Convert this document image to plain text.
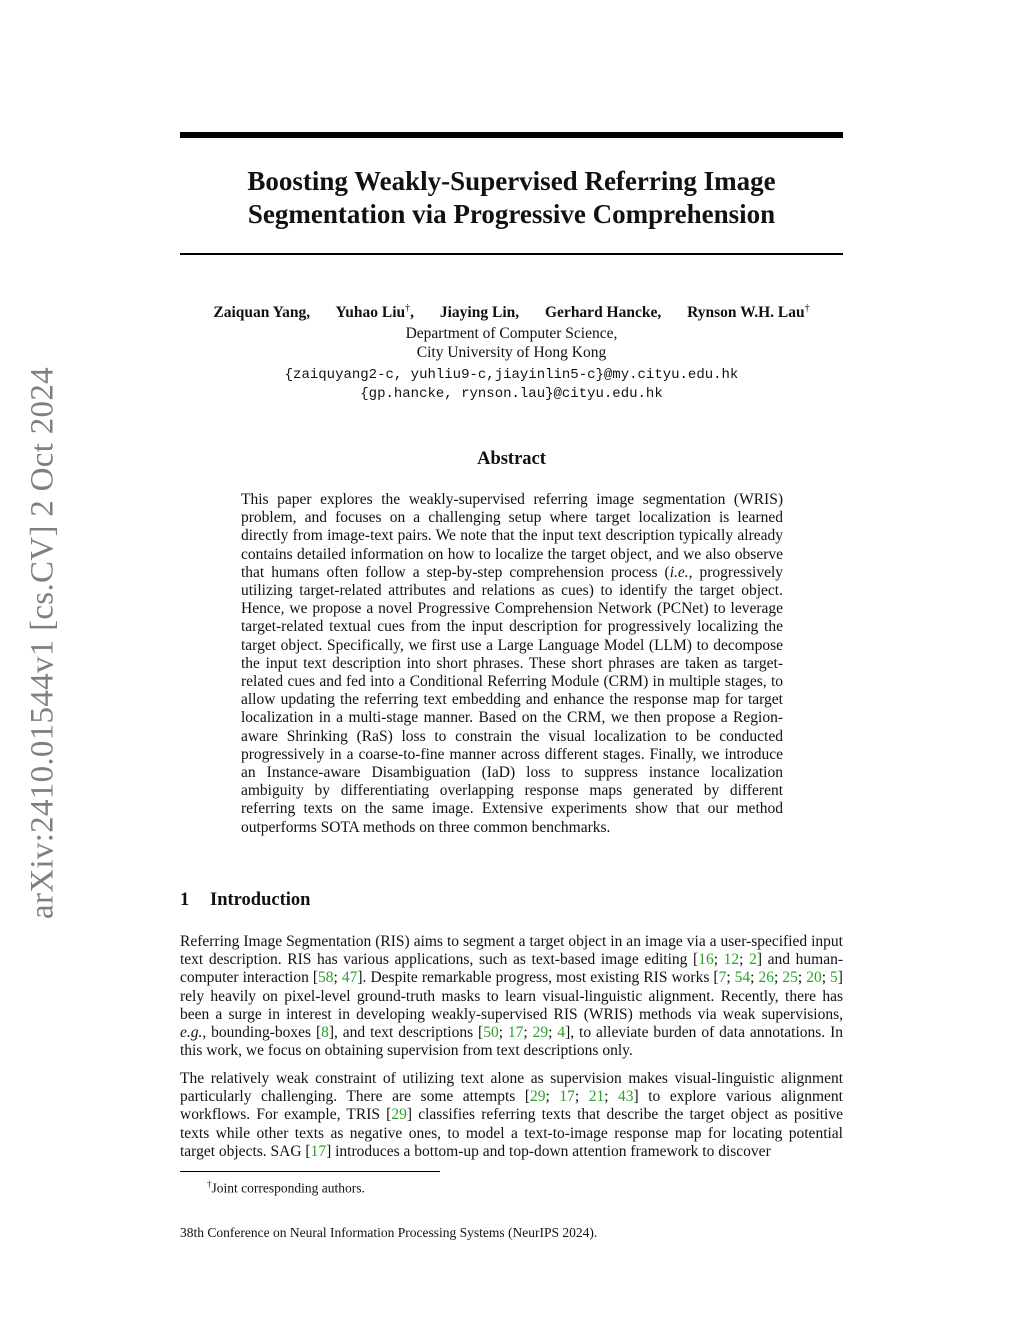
arXiv:2410.01544v1 [cs.CV] 2 Oct 2024
Boosting Weakly-Supervised Referring Image
Segmentation via Progressive Comprehension
Zaiquan Yang, Yuhao Liu†, Jiaying Lin, Gerhard Hancke, Rynson W.H. Lau†
Department of Computer Science,
City University of Hong Kong
{zaiquyang2-c, yuhliu9-c,jiayinlin5-c}@my.cityu.edu.hk
{gp.hancke, rynson.lau}@cityu.edu.hk
Abstract

This paper explores the weakly-supervised referring image segmentation (WRIS) problem, and focuses on a challenging setup where target localization is learned directly from image-text pairs. We note that the input text description typically already contains detailed information on how to localize the target object, and we also observe that humans often follow a step-by-step comprehension process (i.e., progressively utilizing target-related attributes and relations as cues) to identify the target object. Hence, we propose a novel Progressive Comprehension Network (PCNet) to leverage target-related textual cues from the input description for progressively localizing the target object. Specifically, we first use a Large Language Model (LLM) to decompose the input text description into short phrases. These short phrases are taken as target-related cues and fed into a Conditional Referring Module (CRM) in multiple stages, to allow updating the referring text embedding and enhance the response map for target localization in a multi-stage manner. Based on the CRM, we then propose a Region-aware Shrinking (RaS) loss to constrain the visual localization to be conducted progressively in a coarse-to-fine manner across different stages. Finally, we introduce an Instance-aware Disambiguation (IaD) loss to suppress instance localization ambiguity by differentiating overlapping response maps generated by different referring texts on the same image. Extensive experiments show that our method outperforms SOTA methods on three common benchmarks.

1 Introduction

Referring Image Segmentation (RIS) aims to segment a target object in an image via a user-specified input text description. RIS has various applications, such as text-based image editing [16; 12; 2] and human-computer interaction [58; 47]. Despite remarkable progress, most existing RIS works [7; 54; 26; 25; 20; 5] rely heavily on pixel-level ground-truth masks to learn visual-linguistic alignment. Recently, there has been a surge in interest in developing weakly-supervised RIS (WRIS) methods via weak supervisions, e.g., bounding-boxes [8], and text descriptions [50; 17; 29; 4], to alleviate burden of data annotations. In this work, we focus on obtaining supervision from text descriptions only.

The relatively weak constraint of utilizing text alone as supervision makes visual-linguistic alignment particularly challenging. There are some attempts [29; 17; 21; 43] to explore various alignment workflows. For example, TRIS [29] classifies referring texts that describe the target object as positive texts while other texts as negative ones, to model a text-to-image response map for locating potential target objects. SAG [17] introduces a bottom-up and top-down attention framework to discover

†Joint corresponding authors.
38th Conference on Neural Information Processing Systems (NeurIPS 2024).
